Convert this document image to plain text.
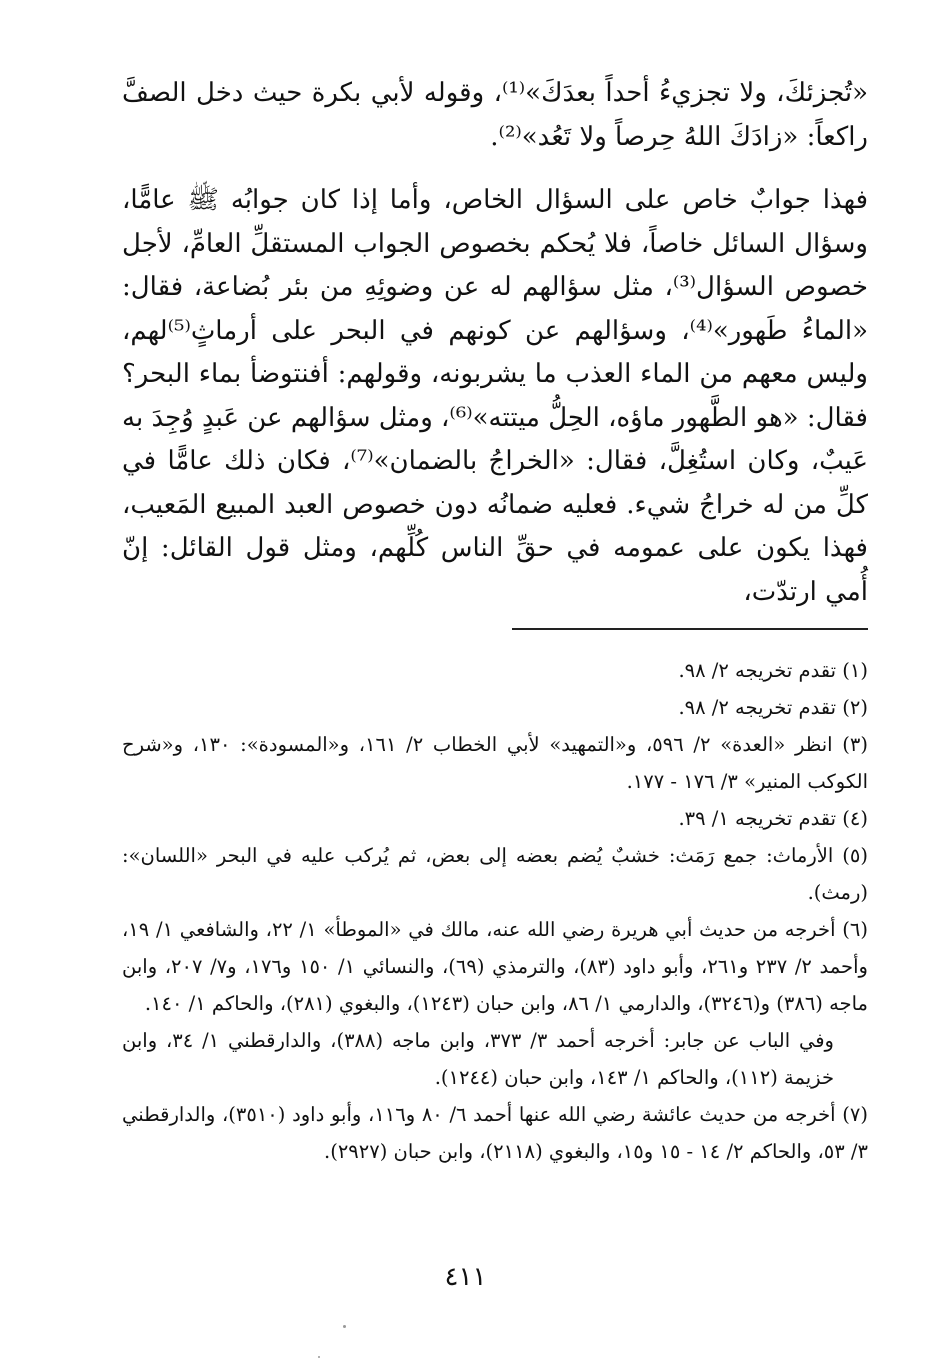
«تُجزئكَ، ولا تجزيءُ أحداً بعدَكَ»⁽¹⁾، وقوله لأبي بكرة حيث دخل الصفَّ راكعاً: «زادَكَ اللهُ حِرصاً ولا تَعُد»⁽²⁾.

فهذا جوابٌ خاص على السؤال الخاص، وأما إذا كان جوابُه ﷺ عامًّا، وسؤال السائل خاصاً، فلا يُحكم بخصوص الجواب المستقلِّ العامِّ، لأجل خصوص السؤال⁽³⁾، مثل سؤالهم له عن وضوئِهِ من بئر بُضاعة، فقال: «الماءُ طَهور»⁽⁴⁾، وسؤالهم عن كونهم في البحر على أرماثٍ⁽⁵⁾لهم، وليس معهم من الماء العذب ما يشربونه، وقولهم: أفنتوضأ بماء البحر؟ فقال: «هو الطَّهور ماؤه، الحِلُّ ميتته»⁽⁶⁾، ومثل سؤالهم عن عَبدٍ وُجِدَ به عَيبٌ، وكان استُغِلَّ، فقال: «الخراجُ بالضمان»⁽⁷⁾، فكان ذلك عامًّا في كلِّ من له خراجُ شيء. فعليه ضمانُه دون خصوص العبد المبيع المَعيب، فهذا يكون على عمومه في حقِّ الناس كُلِّهم، ومثل قول القائل: إنّ أُمي ارتدّت،

(١) تقدم تخريجه ٢/ ٩٨.

(٢) تقدم تخريجه ٢/ ٩٨.

(٣) انظر «العدة» ٢/ ٥٩٦، و«التمهيد» لأبي الخطاب ٢/ ١٦١، و«المسودة»: ١٣٠، و«شرح الكوكب المنير» ٣/ ١٧٦ - ١٧٧.

(٤) تقدم تخريجه ١/ ٣٩.

(٥) الأرماث: جمع رَمَث: خشبٌ يُضم بعضه إلى بعض، ثم يُركب عليه في البحر «اللسان»: (رمث).

(٦) أخرجه من حديث أبي هريرة رضي الله عنه، مالك في «الموطأ» ١/ ٢٢، والشافعي ١/ ١٩، وأحمد ٢/ ٢٣٧ و٢٦١، وأبو داود (٨٣)، والترمذي (٦٩)، والنسائي ١/ ١٥٠ و١٧٦، و٧/ ٢٠٧، وابن ماجه (٣٨٦) و(٣٢٤٦)، والدارمي ١/ ٨٦، وابن حبان (١٢٤٣)، والبغوي (٢٨١)، والحاكم ١/ ١٤٠.

وفي الباب عن جابر: أخرجه أحمد ٣/ ٣٧٣، وابن ماجه (٣٨٨)، والدارقطني ١/ ٣٤، وابن خزيمة (١١٢)، والحاكم ١/ ١٤٣، وابن حبان (١٢٤٤).

(٧) أخرجه من حديث عائشة رضي الله عنها أحمد ٦/ ٨٠ و١١٦، وأبو داود (٣٥١٠)، والدارقطني ٣/ ٥٣، والحاكم ٢/ ١٤ - ١٥ و١٥، والبغوي (٢١١٨)، وابن حبان (٢٩٢٧).

٤١١
